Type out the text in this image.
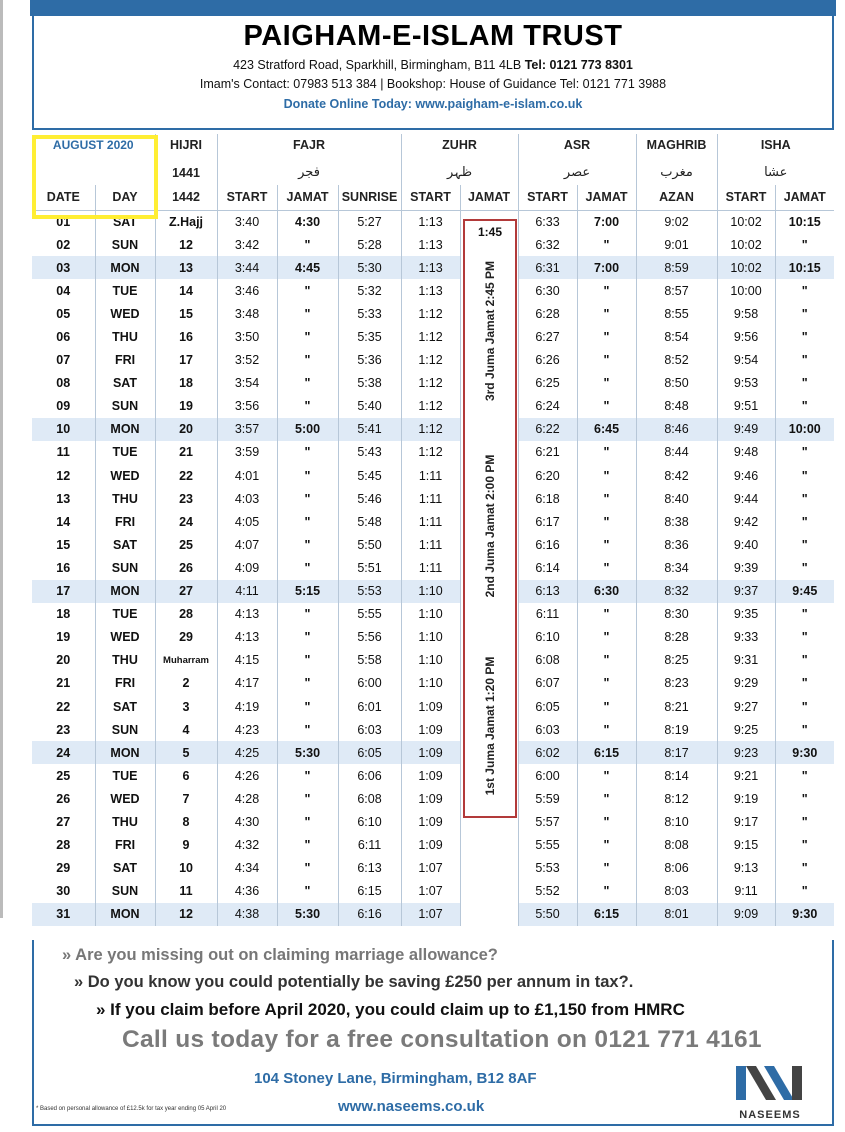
PAIGHAM-E-ISLAM TRUST
423 Stratford Road, Sparkhill, Birmingham, B11 4LB Tel: 0121 773 8301
Imam's Contact: 07983 513 384 | Bookshop: House of Guidance Tel: 0121 771 3988
Donate Online Today: www.paigham-e-islam.co.uk
AUGUST 2020		HIJRI	FAJR			ZUHR		ASR		MAGHRIB	ISHA	
		1441	فجر			ظہر		عصر		مغرب	عشا	
DATE	DAY	1442	START	JAMAT	SUNRISE	START	JAMAT	START	JAMAT	AZAN	START	JAMAT
01	SAT	Z.Hajj	3:40	4:30	5:27	1:13		6:33	7:00	9:02	10:02	10:15
02	SUN	12	3:42	"	5:28	1:13		6:32	"	9:01	10:02	"
03	MON	13	3:44	4:45	5:30	1:13		6:31	7:00	8:59	10:02	10:15
04	TUE	14	3:46	"	5:32	1:13		6:30	"	8:57	10:00	"
05	WED	15	3:48	"	5:33	1:12		6:28	"	8:55	9:58	"
06	THU	16	3:50	"	5:35	1:12		6:27	"	8:54	9:56	"
07	FRI	17	3:52	"	5:36	1:12		6:26	"	8:52	9:54	"
08	SAT	18	3:54	"	5:38	1:12		6:25	"	8:50	9:53	"
09	SUN	19	3:56	"	5:40	1:12		6:24	"	8:48	9:51	"
10	MON	20	3:57	5:00	5:41	1:12		6:22	6:45	8:46	9:49	10:00
11	TUE	21	3:59	"	5:43	1:12		6:21	"	8:44	9:48	"
12	WED	22	4:01	"	5:45	1:11		6:20	"	8:42	9:46	"
13	THU	23	4:03	"	5:46	1:11		6:18	"	8:40	9:44	"
14	FRI	24	4:05	"	5:48	1:11		6:17	"	8:38	9:42	"
15	SAT	25	4:07	"	5:50	1:11		6:16	"	8:36	9:40	"
16	SUN	26	4:09	"	5:51	1:11		6:14	"	8:34	9:39	"
17	MON	27	4:11	5:15	5:53	1:10		6:13	6:30	8:32	9:37	9:45
18	TUE	28	4:13	"	5:55	1:10		6:11	"	8:30	9:35	"
19	WED	29	4:13	"	5:56	1:10		6:10	"	8:28	9:33	"
20	THU	Muharram	4:15	"	5:58	1:10		6:08	"	8:25	9:31	"
21	FRI	2	4:17	"	6:00	1:10		6:07	"	8:23	9:29	"
22	SAT	3	4:19	"	6:01	1:09		6:05	"	8:21	9:27	"
23	SUN	4	4:23	"	6:03	1:09		6:03	"	8:19	9:25	"
24	MON	5	4:25	5:30	6:05	1:09		6:02	6:15	8:17	9:23	9:30
25	TUE	6	4:26	"	6:06	1:09		6:00	"	8:14	9:21	"
26	WED	7	4:28	"	6:08	1:09		5:59	"	8:12	9:19	"
27	THU	8	4:30	"	6:10	1:09		5:57	"	8:10	9:17	"
28	FRI	9	4:32	"	6:11	1:09		5:55	"	8:08	9:15	"
29	SAT	10	4:34	"	6:13	1:07		5:53	"	8:06	9:13	"
30	SUN	11	4:36	"	6:15	1:07		5:52	"	8:03	9:11	"
31	MON	12	4:38	5:30	6:16	1:07		5:50	6:15	8:01	9:09	9:30
1:45
3rd Juma Jamat 2:45 PM
2nd Juma Jamat 2:00 PM
1st Juma Jamat 1:20 PM
» Are you missing out on claiming marriage allowance?
» Do you know you could potentially be saving £250 per annum in tax?.
» If you claim before April 2020, you could claim up to £1,150 from HMRC
Call us today for a free consultation on 0121 771 4161
104 Stoney Lane, Birmingham, B12 8AF
www.naseems.co.uk
* Based on personal allowance of £12.5k for tax year ending 05 April 20	NASEEMS
